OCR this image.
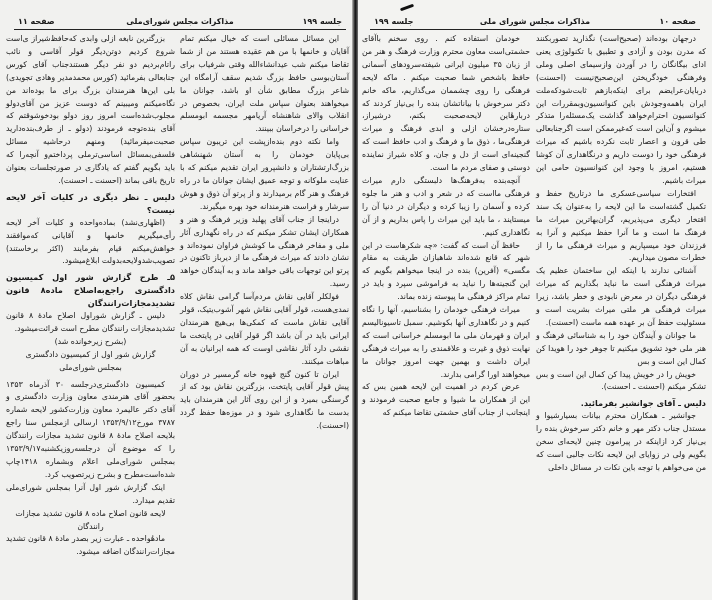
جلسه ۱۹۹
مذاکرات مجلس شورای‌ملی
صفحه ۱۱

این مسائل مسائلی است که خیال میکنم تمام آقایان و خانمها با من هم عقیده هستند من از شما تقاضا میکنم شب عیدانشاءالله وقتی شرفیاب برای آستان‌بوسی حافظ بزرگ شدیم سقف آرامگاه این شاعر بزرگ مطابق شأن او باشد، جوانان ما میخواهند بعنوان سپاس ملت ایران، بخصوص در انقلاب والای شاهنشاه آریامهر مجسمه ابومسلم خراسانی را درخراسان ببینند.

واما نکته دوم بنده‌ازپشت این تریبون سپاس بی‌پایان خودمان را به آستان شهنشاهی بزرگ‌ارتشتاران و دانشپرور ایران تقدیم میکنم که با عنایت ملوکانه و توجه عمیق ایشان جوانان ما در راه فرهنگ و هنر گام برمیدارند و از پرتو آن ذوق و هوش سرشار و فراست هنرمندانه خود بهره میگیرند.

دراینجا از جناب آقای پهلبد وزیر فرهنگ و هنر و همکاران ایشان تشکر میکنم که در راه نگهداری آثار ملی و مفاخر فرهنگی ما کوشش فراوان نموده‌اند و نشان دادند که میراث فرهنگی ما از دیرباز تاکنون در پرتو این توجهات باقی خواهد ماند و به آیندگان خواهد رسید.

فولکلر آقایی نقاش مردم‌آسا گرامی نقاش کلاه نمدی‌هست، قولر آقایی نقاش شهر آشوب‌یتیک، قولر آقایی نقاش ماست که کمکی‌ها بی‌هیچ هنرمندان ایرانی باید در آن باشد اگر قولر آقایی در پایتخت ما نقشی دارد آثار نقاشی اوست که همه ایرانیان به آن مباهات میکنند.

ایران تا کنون گنج قهوه خانه گرمسیر در دوران پیش قولر آقایی پایتخت، بزرگترین نقاش بود که از گرسنگی بمیرد و از این روی آثار این هنرمندان باید بدست ما نگاهداری شود و در موزه‌ها حفظ گردد (احسنت).

بزرگترین نابغه ازلی وابدی که‌حافظ‌شیراز ی‌است شروع کردیم دوتن‌دیگر قولر آقاسی و نائب راتام‌بردیم دو نفر دیگر هستندجناب آقای کورس جنابعالی بفرمائید (کورس‌ محمدمدیر وهادی تجویدی) بلی این‌ها هنرمندان بزرگ برای ما بوده‌اند من نگاه‌میکنم ومیبینم که دوست عزیز من آقای‌دولو مجلوب‌شده‌است امروز روز دولو بود‌خوشوقتم که آقای بنده‌توجه فرمودند (دولو ـ از طرف‌بنده‌دارید صحبت‌میفرمائید) ومنهم درحاشیه مسائل فلسفی‌بمسائل اساسی‌ترملی پرداختم‌و آنچه‌را که باید بگویم گفتم که یادگاری در صورتجلسات بعنوان تاریخ باقی بماند (احسنت ـ احسنت).

دلیس ـ نظر دیگری در کلیات آخر لایحه نیست؟

(اظهاری‌نشد) بماده‌واحده و کلیات آخر لایحه رأی‌میگیریم خانمها و آقایانی که‌موافقند خواهش‌میکنم قیام بفرمایند (اکثر برخاستند) تصویب‌شد‌ولایحه‌بدولت ابلاغ‌میشود.

۵ـ طرح گزارش شور اول کمیسیون دادگستری راجع‌به‌اصلاح ماده۸ قانون تشدیدمجازات‌رانندگان

دلیس ـ گزارش شوراول اصلاح مادهٔ ۸ قانون تشدیدمجازات رانندگان مطرح است قرائت‌میشود.

(بشرح زیرخوانده شد)

گزارش شور اول از کمیسیون دادگستری

بمجلس شورای‌ملی

کمیسیون دادگستری‌درجلسه ۳۰ آذرماه ۱۳۵۳ بحضور آقای هنرمندی معاون وزارت دادگستری و آقای دکتر عالیمرد معاون وزارت‌کشور لایحه شماره ۳۷۸۷ مورخ‌۱۳۵۳/۹/۱۲ ارسالی ازمجلس سنا راجع بلایحه اصلاح مادهٔ ۸ قانون تشدید مجازات رانندگان را که موضوع آن درجلسه‌روزیکشنبه۱۳۵۳/۹/۱۷ بمجلس شورای‌ملی اعلام وبشماره ۱۴۱۸چاپ شده‌است‌مطرح و بشرح زیرتصویب کرد.

اینک گزارش شور اول آنرا بمجلس شورای‌ملی تقدیم میدارد.

لایحه قانون اصلاح ماده ۸ قانون تشدید مجازات

رانندگان

مادهٔواحده ـ عبارت زیر بصدر مادهٔ ۸ قانون تشدید مجازات‌رانندگان اضافه میشود.

صفحه ۱۰
مذاکرات مجلس شورای ملی
جلسه ۱۹۹

درجهان بوده‌اند (صحیح‌است) نگذارید تصوربکنند که مدرن بودن و آزادی و تطبیق با تکنولوژی یعنی ادای بیگانگان را در آوردن وازسیمای اصلی وملی وفرهنگی خودگریختن این‌صحیح‌نیست (احسنت) دربایان‌عرایضم برای اینکه‌بازهم ثابت‌شودکه‌ملت ایران باهمه‌وجودش باین کنوانسیون‌وبمقررات این کنوانسیون احترام‌خواهد گذاشت یک‌مسئله‌را متذکر میشوم و آن‌این است که‌غیرممکن است اگرجنابعالی طی قرون و اعصار ثابت نکرده باشیم که میراث فرهنگی خود را دوست داریم و درنگاهداری آن کوشا هستیم، امروز با وجود این کنوانسیون حامی این میراث باشیم.

افتخارات سیاسی‌عسکری ما درتاریخ حفظ و تکمیل گشته‌است ما این لایحه را به‌عنوان یک سند افتخار دیگری می‌پذیریم، گران‌بهاترین میراث ما فرهنگ ما است و ما آنرا حفظ میکنیم و آنرا به فرزندان خود میسپاریم و میراث فرهنگی ما را از خطرات مصون میداریم.

آشنائی ندارند با اینکه این ساختمان عظیم یک میراث فرهنگی است ما نباید بگذاریم که میراث فرهنگی دیگران در معرض نابودی و خطر باشد، زیرا میراث فرهنگی هر ملتی میراث بشریت است و مسئولیت حفظ آن بر عهده همه ماست (احسنت).

ما جوانان و آیندگان خود را به شناسائی فرهنگ و هنر ملی خود تشویق میکنیم تا جوهر خود را هویدا کن کمال این است و بس

خویش را در خویش پیدا کن کمال این است و بس تشکر میکنم (احسنت ـ احسنت).

دلیس ـ آقای جوانشیر بفرمائید.

جوانشیر ـ همکاران محترم بیانات بسیارشیوا و مستدل جناب دکتر مهر و خانم دکتر سرخوش بنده را بی‌نیاز کرد ازاینکه در پیرامون چنین لایحه‌ای سخن بگویم ولی در زوایای این لایحه نکات جالبی است که من می‌خواهم با توجه باین نکات در مسائل داخلی

خودمان استفاده کنم . روی سخنم باآقای حشمتی‌است معاون محترم وزارت فرهنگ و هنر من از زبان ۳۵ میلیون ایرانی شیفته‌سرودهای آسمانی حافظ باشخص شما صحبت میکنم . ماکه لایحه فرهنگی را روی چشممان می‌گذاریم، ماکه خانم دکتر سرخوش با بیاناتشان بنده را بی‌نیاز کردند که دربارهٔاین لایحه‌صحبت بکنم، درشیراز، ستاره‌درخشان ازلی و ابدی فرهنگ و میراث فرهنگی‌ما ، ذوق ما و فرهنگ و ادب حافظ است که گنجینه‌ای است از دل و جان، و کلاه شیراز نماینده دوستی و صفای مردم ما است.

آنچه‌بنده به‌فرهنگ‌ها دلبستگی دارم میراث فرهنگی مااست که در شعر و ادب و هنر ما جلوه کرده و آسمان را زیبا کرده و دیگران در دنیا آن را میستایند ، ما باید این میراث را پاس بداریم و از آن نگاهداری کنیم.

حافظ آن است که گفت: «چه شکرهاست در این شهر که قانع شده‌اند شاهبازان طریقت به مقام مگسی» (آفرین) بنده در اینجا میخواهم بگویم که این گنجینه‌ها را نباید به فراموشی سپرد و باید در تمام مراکز فرهنگی ما پیوسته زنده بماند.

میراث فرهنگی خودمان را بشناسیم، آنها را نگاه کنیم و در نگاهداری آنها بکوشیم. سمبل تاسیونالیسم ایران و قهرمان ملی ما ابومسلم خراسانی است که نهایت ذوق و غیرت و علاقمندی را به میراث فرهنگی ایران داشت و بهمین جهت امروز جوانان ما میخواهند اورا گرامی بدارند.

عرض کردم در اهمیت این لایحه همین بس که این از همکاران ما شیوا و جامع صحبت فرمودند و اینجانب از جناب آقای حشمتی تقاضا میکنم که
